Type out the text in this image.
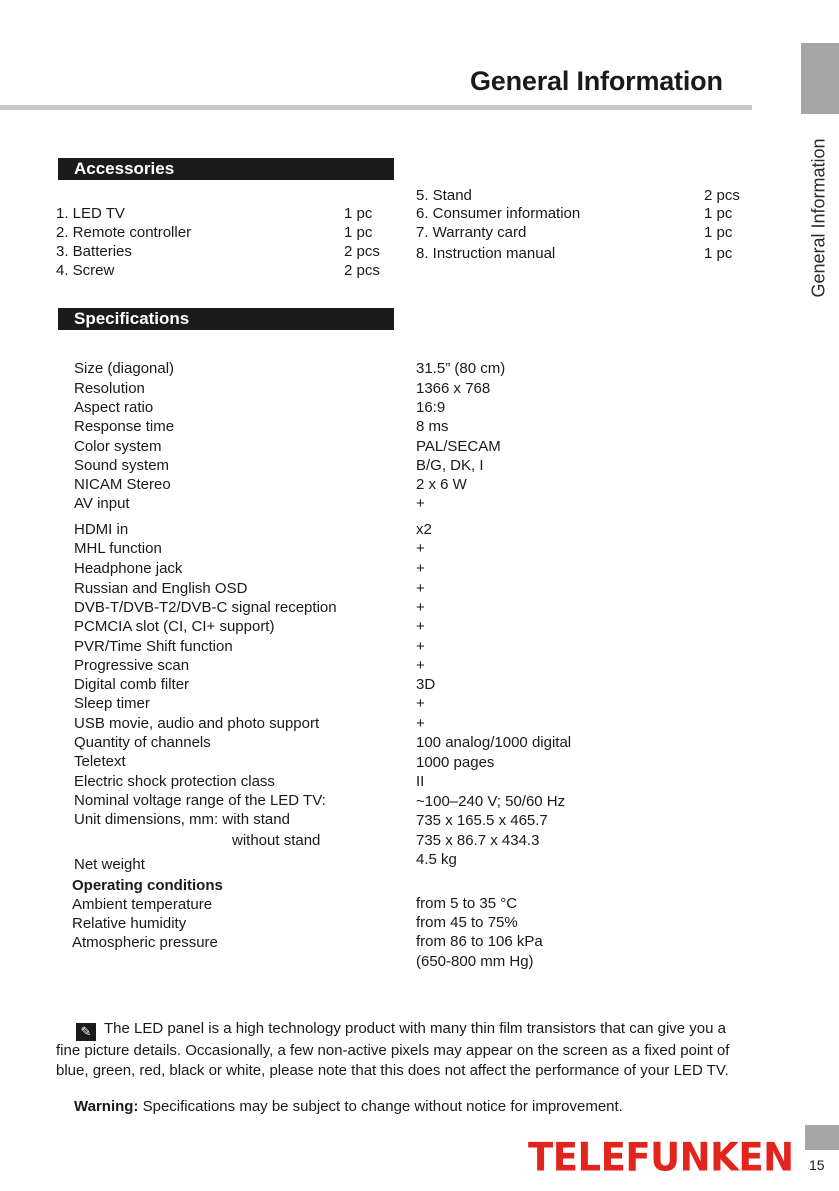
General Information
General Information
Accessories
1. LED TV	1 pc
2. Remote controller	1 pc
3. Batteries	2 pcs
4. Screw	2 pcs
5. Stand	2 pcs
6. Consumer information	1 pc
7. Warranty card	1 pc
8. Instruction manual	1 pc
Specifications
Size (diagonal)	31.5” (80 cm)
Resolution	1366 x 768
Aspect ratio	16:9
Response time	8 ms
Color system	PAL/SECAM
Sound system	B/G, DK, I
NICAM Stereo	2 x 6 W
AV input	+
HDMI in	x2
MHL function	+
Headphone jack	+
Russian and English OSD	+
DVB-T/DVB-T2/DVB-C signal reception	+
PCMCIA slot (CI, CI+ support)	+
PVR/Time Shift function	+
Progressive scan	+
Digital comb filter	3D
Sleep timer	+
USB movie, audio and photo support	+
Quantity of channels	100 analog/1000 digital
Teletext	1000 pages
Electric shock protection class	II
Nominal voltage range of the LED TV:	~100–240 V; 50/60 Hz
Unit dimensions, mm: with stand	735 x 165.5 x 465.7
without stand	735 x 86.7 x 434.3
Net weight	4.5 kg
Operating conditions
Ambient temperature	from 5 to 35 °C
Relative humidity	from 45 to 75%
Atmospheric pressure	from 86 to 106 kPa
(650-800 mm Hg)
✎ The LED panel is a high technology product with many thin film transistors that can give you a fine picture details. Occasionally, a few non-active pixels may appear on the screen as a fixed point of blue, green, red, black or white, please note that this does not affect the performance of your LED TV.
Warning: Specifications may be subject to change without notice for improvement.
TELEFUNKEN 15
